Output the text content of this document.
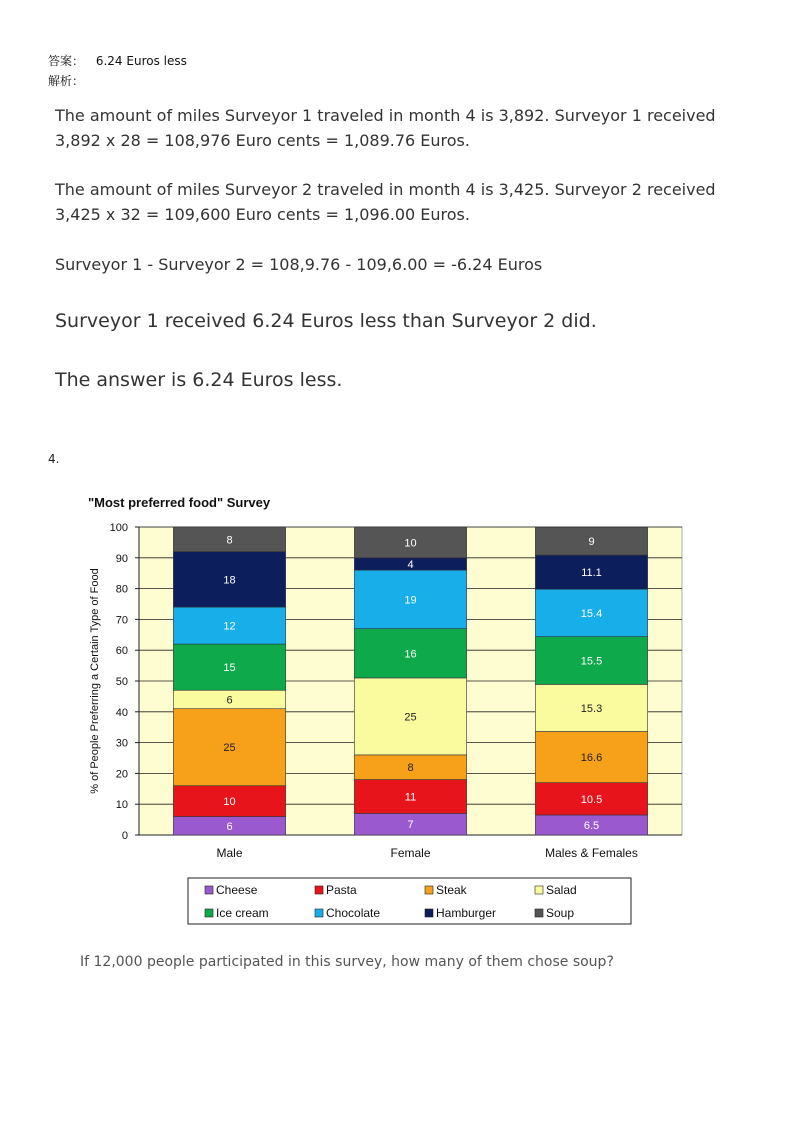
答案： 6.24 Euros less
解析：
The amount of miles Surveyor 1 traveled in month 4 is 3,892. Surveyor 1 received
3,892 x 28 = 108,976 Euro cents = 1,089.76 Euros.
The amount of miles Surveyor 2 traveled in month 4 is 3,425. Surveyor 2 received
3,425 x 32 = 109,600 Euro cents = 1,096.00 Euros.
Surveyor 1 - Surveyor 2 = 108,9.76 - 109,6.00 = -6.24 Euros
Surveyor 1 received 6.24 Euros less than Surveyor 2 did.
The answer is 6.24 Euros less.
4.
"Most preferred food" Survey
0
10
20
30
40
50
60
70
80
90
100
% of People Preferring a Certain Type of Food
6
10
25
6
15
12
18
8
Male
7
11
8
25
16
19
4
10
Female
6.5
10.5
16.6
15.3
15.5
15.4
11.1
9
Males & Females
Cheese	Pasta	Steak	Salad
Ice cream	Chocolate	Hamburger	Soup
If 12,000 people participated in this survey, how many of them chose soup?
